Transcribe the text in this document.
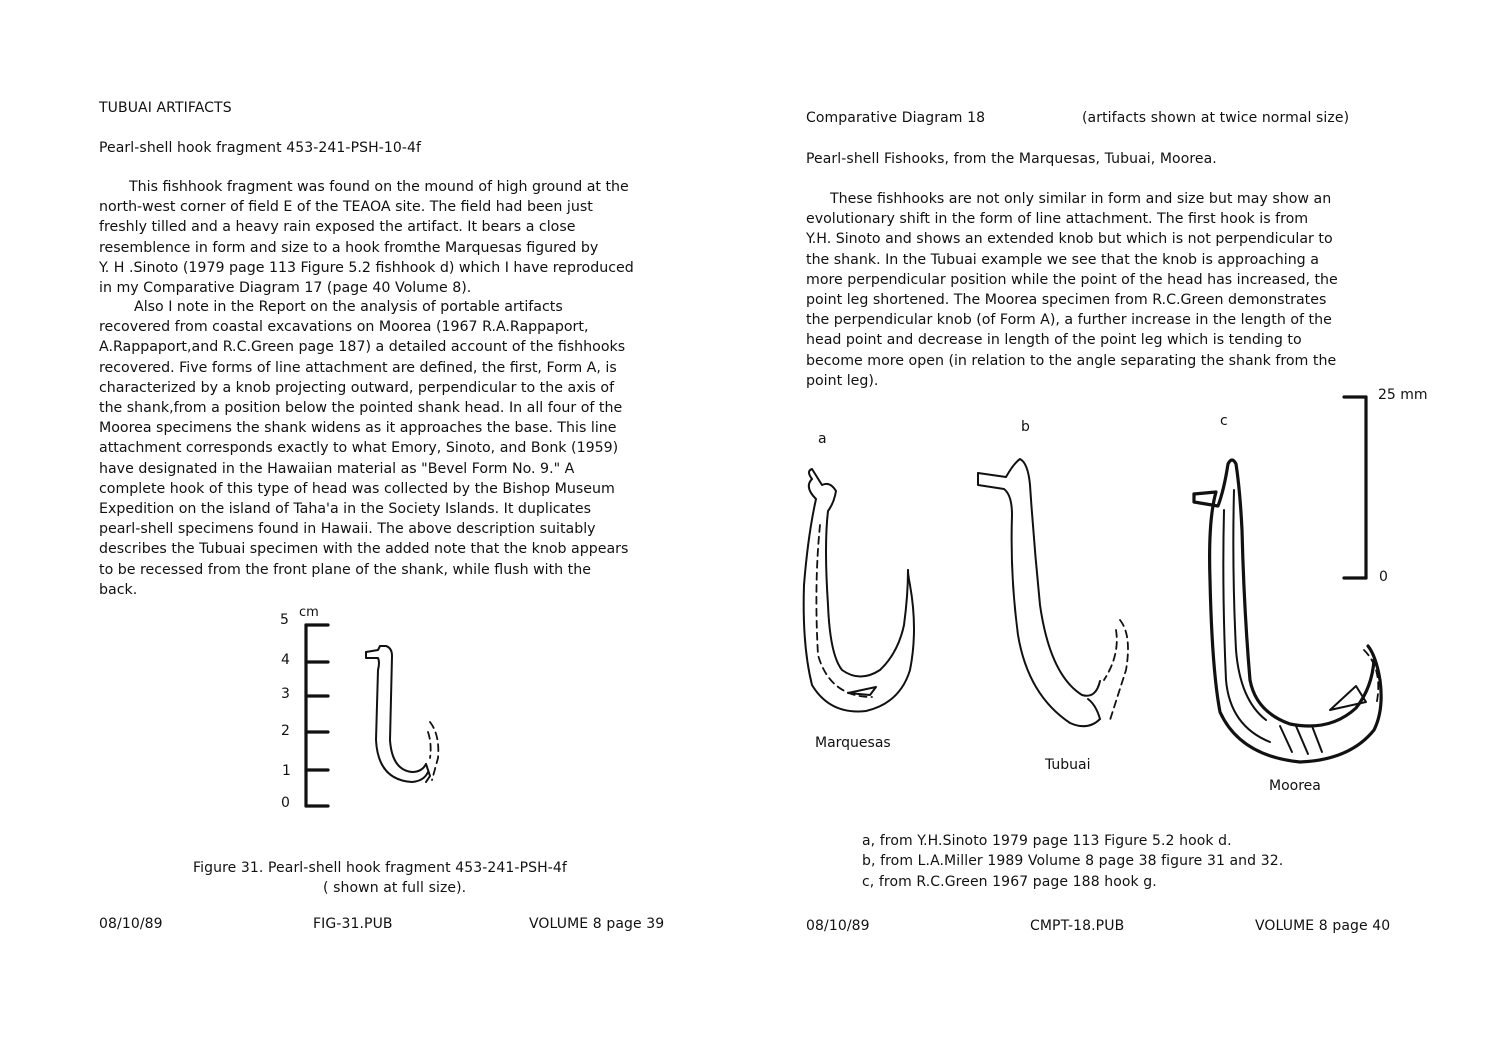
TUBUAI ARTIFACTS
Pearl-shell hook fragment 453-241-PSH-10-4f
This fishhook fragment was found on the mound of high ground at the
north-west corner of field E of the TEAOA site. The field had been just
freshly tilled and a heavy rain exposed the artifact. It bears a close
resemblence in form and size to a hook fromthe Marquesas figured by
Y. H .Sinoto (1979 page 113 Figure 5.2 fishhook d) which I have reproduced
in my Comparative Diagram 17 (page 40 Volume 8).
Also I note in the Report on the analysis of portable artifacts
recovered from coastal excavations on Moorea (1967 R.A.Rappaport,
A.Rappaport,and R.C.Green page 187) a detailed account of the fishhooks
recovered. Five forms of line attachment are defined, the first, Form A, is
characterized by a knob projecting outward, perpendicular to the axis of
the shank,from a position below the pointed shank head. In all four of the
Moorea specimens the shank widens as it approaches the base. This line
attachment corresponds exactly to what Emory, Sinoto, and Bonk (1959)
have designated in the Hawaiian material as "Bevel Form No. 9." A
complete hook of this type of head was collected by the Bishop Museum
Expedition on the island of Taha'a in the Society Islands. It duplicates
pearl-shell specimens found in Hawaii. The above description suitably
describes the Tubuai specimen with the added note that the knob appears
to be recessed from the front plane of the shank, while flush with the
back.
cm
5
4
3
2
1
0
Figure 31. Pearl-shell hook fragment 453-241-PSH-4f
( shown at full size).
08/10/89	FIG-31.PUB	VOLUME 8 page 39
Comparative Diagram 18	(artifacts shown at twice normal size)
Pearl-shell Fishooks, from the Marquesas, Tubuai, Moorea.
These fishhooks are not only similar in form and size but may show an
evolutionary shift in the form of line attachment. The first hook is from
Y.H. Sinoto and shows an extended knob but which is not perpendicular to
the shank. In the Tubuai example we see that the knob is approaching a
more perpendicular position while the point of the head has increased, the
point leg shortened. The Moorea specimen from R.C.Green demonstrates
the perpendicular knob (of Form A), a further increase in the length of the
head point and decrease in length of the point leg which is tending to
become more open (in relation to the angle separating the shank from the
point leg).
25 mm
0
a
b	c
Marquesas
Tubuai
Moorea
a, from Y.H.Sinoto 1979 page 113 Figure 5.2 hook d.
b, from L.A.Miller 1989 Volume 8 page 38 figure 31 and 32.
c, from R.C.Green 1967 page 188 hook g.
08/10/89	CMPT-18.PUB	VOLUME 8 page 40
